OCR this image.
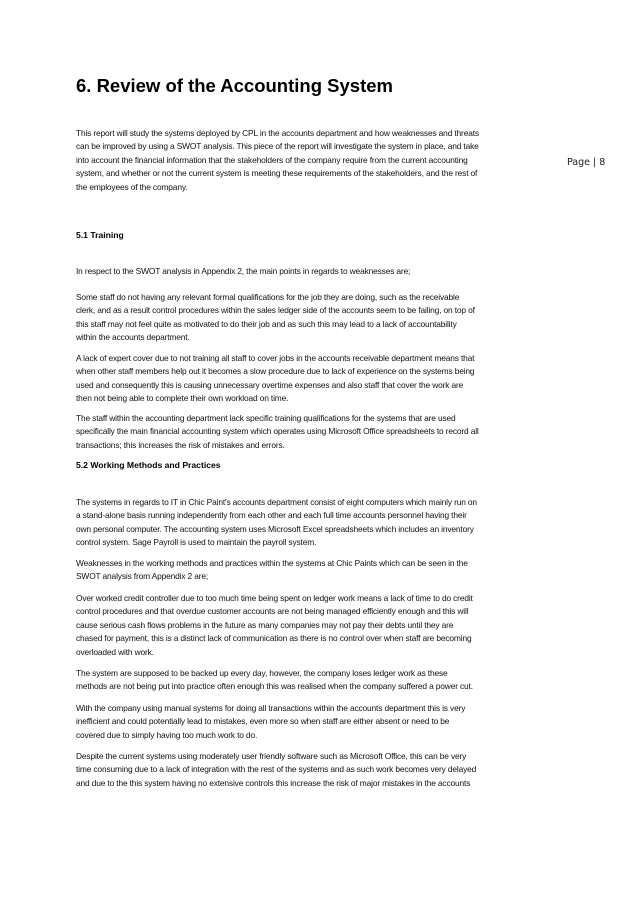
6. Review of the Accounting System
Page | 8

This report will study the systems deployed by CPL in the accounts department and how weaknesses and threats
can be improved by using a SWOT analysis. This piece of the report will investigate the system in place, and take
into account the financial information that the stakeholders of the company require from the current accounting
system, and whether or not the current system is meeting these requirements of the stakeholders, and the rest of
the employees of the company.

5.1 Training

In respect to the SWOT analysis in Appendix 2, the main points in regards to weaknesses are;

Some staff do not having any relevant formal qualifications for the job they are doing, such as the receivable
clerk, and as a result control procedures within the sales ledger side of the accounts seem to be failing, on top of
this staff may not feel quite as motivated to do their job and as such this may lead to a lack of accountability
within the accounts department.

A lack of expert cover due to not training all staff to cover jobs in the accounts receivable department means that
when other staff members help out it becomes a slow procedure due to lack of experience on the systems being
used and consequently this is causing unnecessary overtime expenses and also staff that cover the work are
then not being able to complete their own workload on time.

The staff within the accounting department lack specific training qualifications for the systems that are used
specifically the main financial accounting system which operates using Microsoft Office spreadsheets to record all
transactions; this increases the risk of mistakes and errors.

5.2 Working Methods and Practices

The systems in regards to IT in Chic Paint's accounts department consist of eight computers which mainly run on
a stand-alone basis running independently from each other and each full time accounts personnel having their
own personal computer. The accounting system uses Microsoft Excel spreadsheets which includes an inventory
control system. Sage Payroll is used to maintain the payroll system.

Weaknesses in the working methods and practices within the systems at Chic Paints which can be seen in the
SWOT analysis from Appendix 2 are;

Over worked credit controller due to too much time being spent on ledger work means a lack of time to do credit
control procedures and that overdue customer accounts are not being managed efficiently enough and this will
cause serious cash flows problems in the future as many companies may not pay their debts until they are
chased for payment, this is a distinct lack of communication as there is no control over when staff are becoming
overloaded with work.

The system are supposed to be backed up every day, however, the company loses ledger work as these
methods are not being put into practice often enough this was realised when the company suffered a power cut.

With the company using manual systems for doing all transactions within the accounts department this is very
inefficient and could potentially lead to mistakes, even more so when staff are either absent or need to be
covered due to simply having too much work to do.

Despite the current systems using moderately user friendly software such as Microsoft Office, this can be very
time consuming due to a lack of integration with the rest of the systems and as such work becomes very delayed
and due to the this system having no extensive controls this increase the risk of major mistakes in the accounts
